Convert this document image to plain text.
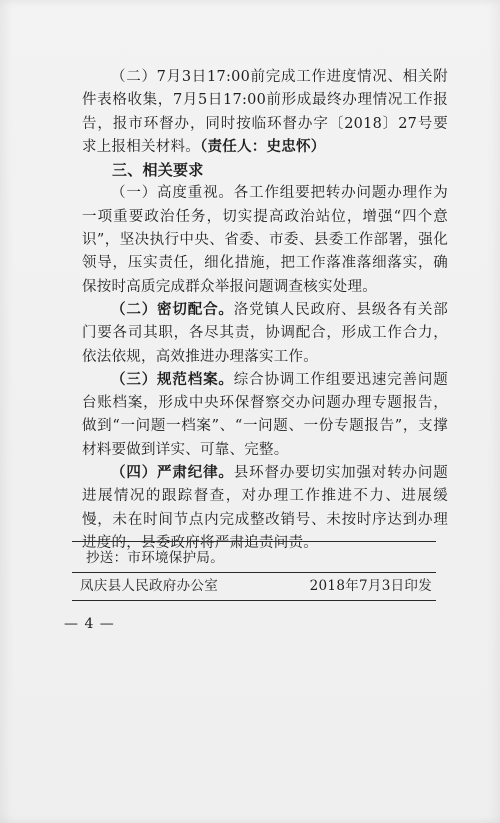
（二）7月3日17:00前完成工作进度情况、相关附件表格收集，7月5日17:00前形成最终办理情况工作报告，报市环督办，同时按临环督办字〔2018〕27号要求上报相关材料。（责任人：史忠怀）

三、相关要求

（一）高度重视。各工作组要把转办问题办理作为一项重要政治任务，切实提高政治站位，增强“四个意识”，坚决执行中央、省委、市委、县委工作部署，强化领导，压实责任，细化措施，把工作落准落细落实，确保按时高质完成群众举报问题调查核实处理。

（二）密切配合。洛党镇人民政府、县级各有关部门要各司其职，各尽其责，协调配合，形成工作合力，依法依规，高效推进办理落实工作。

（三）规范档案。综合协调工作组要迅速完善问题台账档案，形成中央环保督察交办问题办理专题报告，做到“一问题一档案”、“一问题、一份专题报告”，支撑材料要做到详实、可靠、完整。

（四）严肃纪律。县环督办要切实加强对转办问题进展情况的跟踪督查，对办理工作推进不力、进展缓慢，未在时间节点内完成整改销号、未按时序达到办理进度的，县委政府将严肃追责问责。

抄送：市环境保护局。
凤庆县人民政府办公室	2018年7月3日印发
— 4 —
